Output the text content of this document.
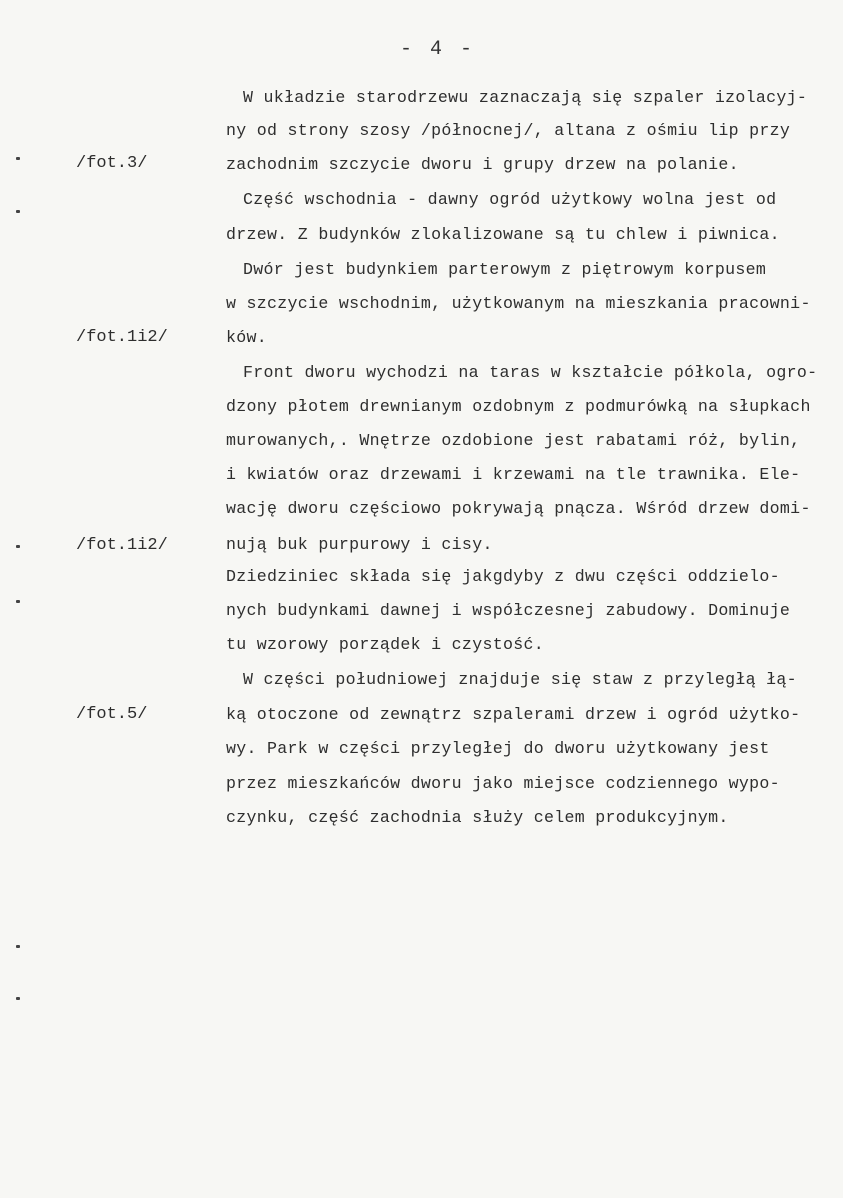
- 4 -
/fot.3/
/fot.1i2/
/fot.1i2/
/fot.5/
W układzie starodrzewu zaznaczają się szpaler izolacyj-
ny od strony szosy /północnej/, altana z ośmiu lip przy
zachodnim szczycie dworu i grupy drzew na polanie.
Część wschodnia - dawny ogród użytkowy wolna jest od
drzew. Z budynków zlokalizowane są tu chlew i piwnica.
Dwór jest budynkiem parterowym z piętrowym korpusem
w szczycie wschodnim, użytkowanym na mieszkania pracowni-
ków.
Front dworu wychodzi na taras w kształcie półkola, ogro-
dzony płotem drewnianym ozdobnym z podmurówką na słupkach
murowanych,. Wnętrze ozdobione jest rabatami róż, bylin,
i kwiatów oraz drzewami i krzewami na tle trawnika. Ele-
wację dworu częściowo pokrywają pnącza. Wśród drzew domi-
nują buk purpurowy i cisy.
Dziedziniec składa się jakgdyby z dwu części oddzielo-
nych budynkami dawnej i współczesnej zabudowy. Dominuje
tu wzorowy porządek i czystość.
W części południowej znajduje się staw z przyległą łą-
ką otoczone od zewnątrz szpalerami drzew i ogród użytko-
wy. Park w części przyległej do dworu użytkowany jest
przez mieszkańców dworu jako miejsce codziennego wypo-
czynku, część zachodnia służy celem produkcyjnym.
